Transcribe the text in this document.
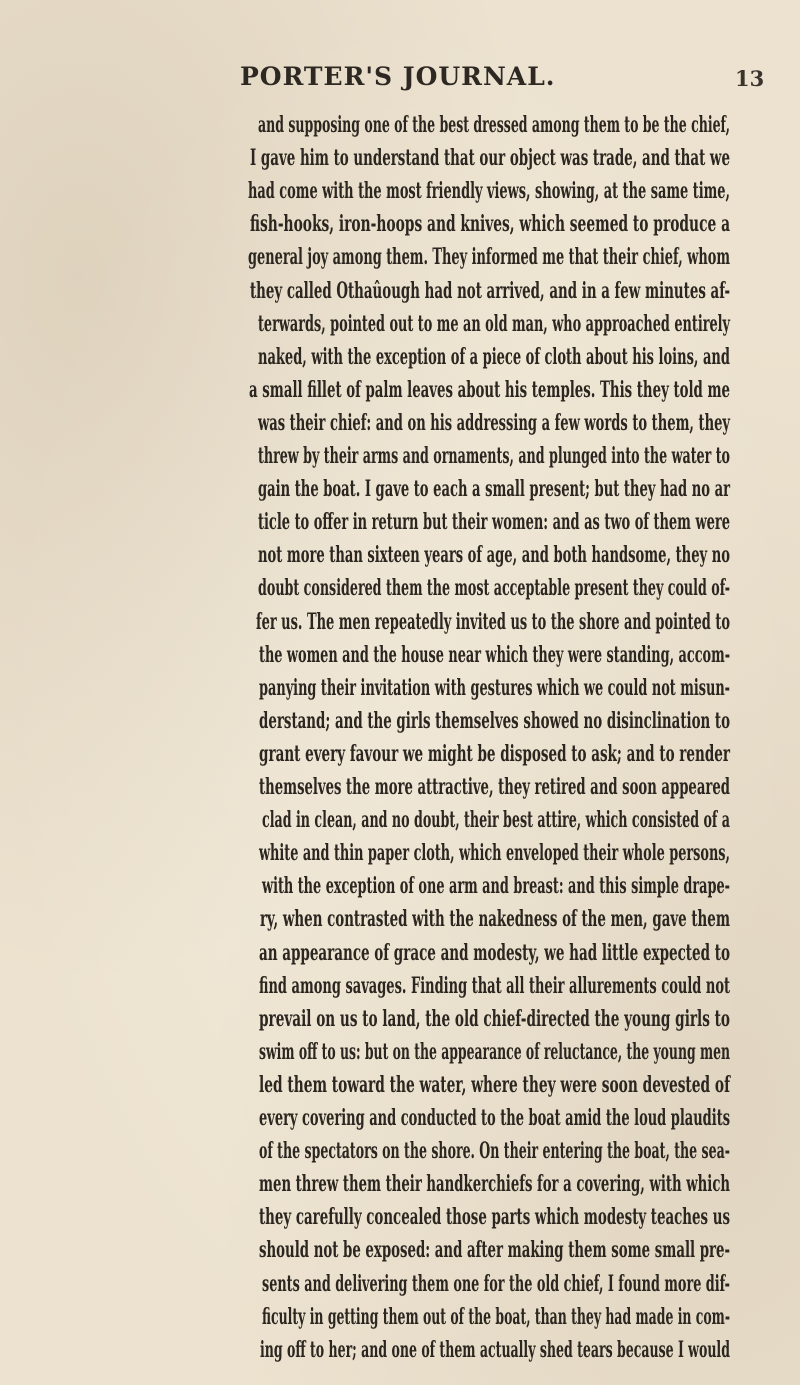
PORTER'S JOURNAL.	13
and supposing one of the best dressed among them to be the chief,
I gave him to understand that our object was trade, and that we
had come with the most friendly views, showing, at the same time,
fish-hooks, iron-hoops and knives, which seemed to produce a
general joy among them. They informed me that their chief, whom
they called Othaûough had not arrived, and in a few minutes af-
terwards, pointed out to me an old man, who approached entirely
naked, with the exception of a piece of cloth about his loins, and
a small fillet of palm leaves about his temples. This they told me
was their chief: and on his addressing a few words to them, they
threw by their arms and ornaments, and plunged into the water to
gain the boat. I gave to each a small present; but they had no ar
ticle to offer in return but their women: and as two of them were
not more than sixteen years of age, and both handsome, they no
doubt considered them the most acceptable present they could of-
fer us. The men repeatedly invited us to the shore and pointed to
the women and the house near which they were standing, accom-
panying their invitation with gestures which we could not misun-
derstand; and the girls themselves showed no disinclination to
grant every favour we might be disposed to ask; and to render
themselves the more attractive, they retired and soon appeared
clad in clean, and no doubt, their best attire, which consisted of a
white and thin paper cloth, which enveloped their whole persons,
with the exception of one arm and breast: and this simple drape-
ry, when contrasted with the nakedness of the men, gave them
an appearance of grace and modesty, we had little expected to
find among savages. Finding that all their allurements could not
prevail on us to land, the old chief-directed the young girls to
swim off to us: but on the appearance of reluctance, the young men
led them toward the water, where they were soon devested of
every covering and conducted to the boat amid the loud plaudits
of the spectators on the shore. On their entering the boat, the sea-
men threw them their handkerchiefs for a covering, with which
they carefully concealed those parts which modesty teaches us
should not be exposed: and after making them some small pre-
sents and delivering them one for the old chief, I found more dif-
ficulty in getting them out of the boat, than they had made in com-
ing off to her; and one of them actually shed tears because I would
